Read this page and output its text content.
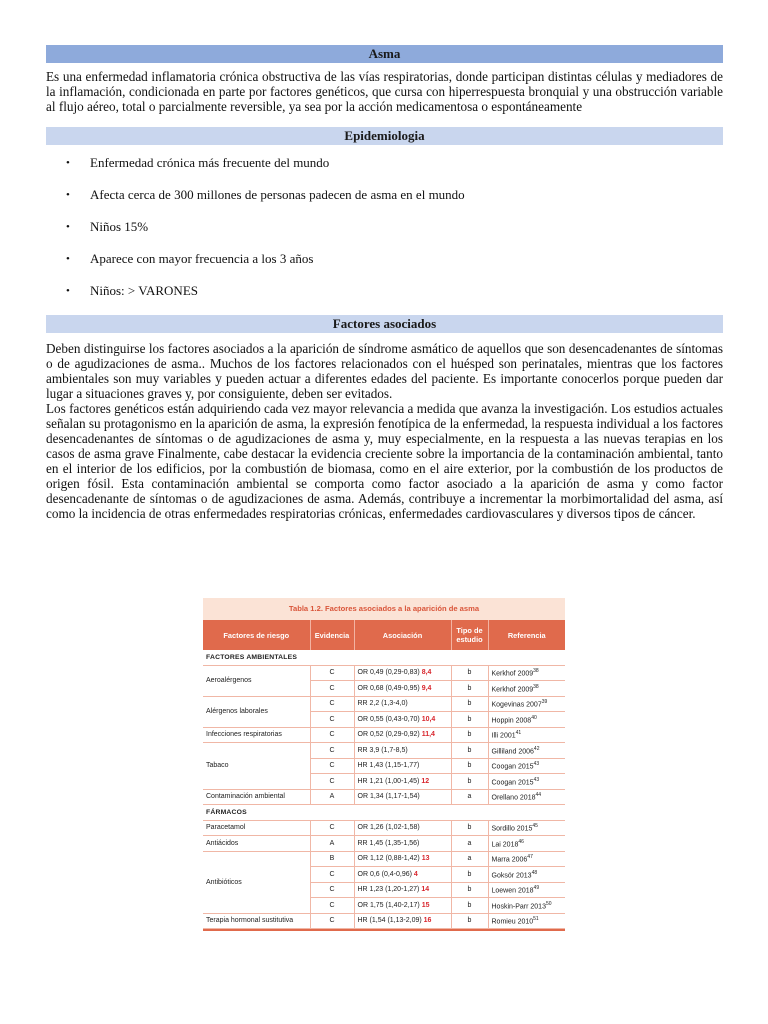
Asma

Es una enfermedad inflamatoria crónica obstructiva de las vías respiratorias, donde participan distintas células y mediadores de la inflamación, condicionada en parte por factores genéticos, que cursa con hiperrespuesta bronquial y una obstrucción variable al flujo aéreo, total o parcialmente reversible, ya sea por la acción medicamentosa o espontáneamente

Epidemiologia
• Enfermedad crónica más frecuente del mundo
• Afecta cerca de 300 millones de personas padecen de asma en el mundo
• Niños 15%
• Aparece con mayor frecuencia a los 3 años
• Niños: > VARONES
Factores asociados

Deben distinguirse los factores asociados a la aparición de síndrome asmático de aquellos que son desencadenantes de síntomas o de agudizaciones de asma.. Muchos de los factores relacionados con el huésped son perinatales, mientras que los factores ambientales son muy variables y pueden actuar a diferentes edades del paciente. Es importante conocerlos porque pueden dar lugar a situaciones graves y, por consiguiente, deben ser evitados.

Los factores genéticos están adquiriendo cada vez mayor relevancia a medida que avanza la investigación. Los estudios actuales señalan su protagonismo en la aparición de asma, la expresión fenotípica de la enfermedad, la respuesta individual a los factores desencadenantes de síntomas o de agudizaciones de asma y, muy especialmente, en la respuesta a las nuevas terapias en los casos de asma grave Finalmente, cabe destacar la evidencia creciente sobre la importancia de la contaminación ambiental, tanto en el interior de los edificios, por la combustión de biomasa, como en el aire exterior, por la combustión de los productos de origen fósil. Esta contaminación ambiental se comporta como factor asociado a la aparición de asma y como factor desencadenante de síntomas o de agudizaciones de asma. Además, contribuye a incrementar la morbimortalidad del asma, así como la incidencia de otras enfermedades respiratorias crónicas, enfermedades cardiovasculares y diversos tipos de cáncer.

Tabla 1.2. Factores asociados a la aparición de asma
Factores de riesgo	Evidencia	Asociación	Tipo de estudio	Referencia
FACTORES AMBIENTALES				
Aeroalérgenos	C	OR 0,49 (0,29-0,83) 8,4	b	Kerkhof 2009$^{38}$
	C	OR 0,68 (0,49-0,95) 9,4	b	Kerkhof 2009$^{38}$
Alérgenos laborales	C	RR 2,2 (1,3-4,0)	b	Kogevinas 2007$^{39}$
	C	OR 0,55 (0,43-0,70) 10,4	b	Hoppin 2008$^{40}$
Infecciones respiratorias	C	OR 0,52 (0,29-0,92) 11,4	b	Illi 2001$^{41}$
Tabaco	C	RR 3,9 (1,7-8,5)	b	Gilliland 2006$^{42}$
	C	HR 1,43 (1,15-1,77)	b	Coogan 2015$^{43}$
	C	HR 1,21 (1,00-1,45) 12	b	Coogan 2015$^{43}$
Contaminación ambiental	A	OR 1,34 (1,17-1,54)	a	Orellano 2018$^{44}$
FÁRMACOS				
Paracetamol	C	OR 1,26 (1,02-1,58)	b	Sordillo 2015$^{45}$
Antiácidos	A	RR 1,45 (1,35-1,56)	a	Lai 2018$^{46}$
Antibióticos	B	OR 1,12 (0,88-1,42) 13	a	Marra 2006$^{47}$
	C	OR 0,6 (0,4-0,96) 4	b	Goksör 2013$^{48}$
	C	HR 1,23 (1,20-1,27) 14	b	Loewen 2018$^{49}$
	C	OR 1,75 (1,40-2,17) 15	b	Hoskin-Parr 2013$^{50}$
Terapia hormonal sustitutiva	C	HR (1,54 (1,13-2,09) 16	b	Romieu 2010$^{51}$
